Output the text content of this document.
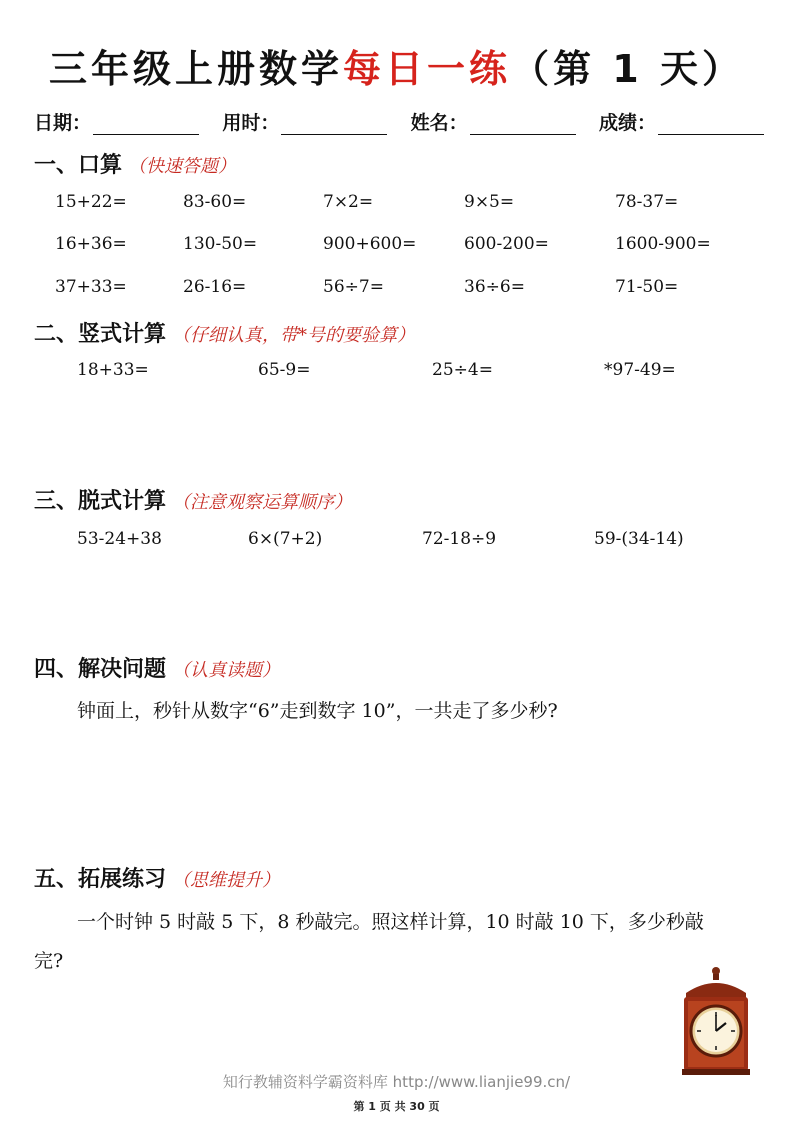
三年级上册数学每日一练（第 1 天）
日期：	用时：	姓名：	成绩：
一、口算 （快速答题）
15+22=	83-60=	7×2=	9×5=	78-37=
16+36=	130-50=	900+600=	600-200=	1600-900=
37+33=	26-16=	56÷7=	36÷6=	71-50=
二、竖式计算 （仔细认真，带*号的要验算）
18+33=	65-9=	25÷4=	*97-49=
三、脱式计算 （注意观察运算顺序）
53-24+38	6×(7+2)	72-18÷9	59-(34-14)
四、解决问题 （认真读题）
钟面上，秒针从数字“6”走到数字 10”，一共走了多少秒?
五、拓展练习 （思维提升）
一个时钟 5 时敲 5 下，8 秒敲完。照这样计算，10 时敲 10 下，多少秒敲
完?
知行教辅资料学霸资料库 http://www.lianjie99.cn/
第 1 页 共 30 页
